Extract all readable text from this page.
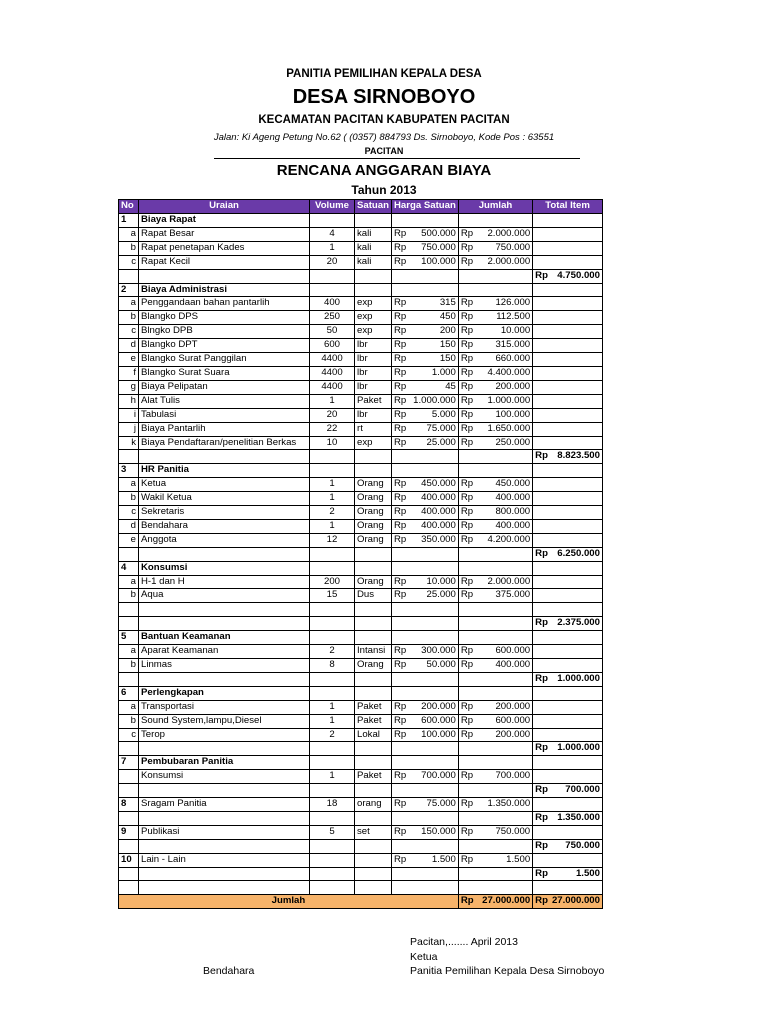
PANITIA PEMILIHAN KEPALA DESA
DESA SIRNOBOYO
KECAMATAN PACITAN KABUPATEN PACITAN
Jalan: Ki Ageng Petung No.62 ( (0357) 884793 Ds. Sirnoboyo, Kode Pos : 63551
PACITAN
RENCANA ANGGARAN BIAYA
Tahun 2013
No	Uraian	Volume	Satuan	Harga Satuan		Jumlah		Total Item	
1	Biaya Rapat								
a	Rapat Besar	4	kali	Rp	500.000	Rp	2.000.000		
b	Rapat penetapan Kades	1	kali	Rp	750.000	Rp	750.000		
c	Rapat Kecil	20	kali	Rp	100.000	Rp	2.000.000		
								Rp	4.750.000
2	Biaya Administrasi								
a	Penggandaan bahan pantarlih	400	exp	Rp	315	Rp	126.000		
b	Blangko DPS	250	exp	Rp	450	Rp	112.500		
c	Blngko DPB	50	exp	Rp	200	Rp	10.000		
d	Blangko DPT	600	lbr	Rp	150	Rp	315.000		
e	Blangko Surat Panggilan	4400	lbr	Rp	150	Rp	660.000		
f	Blangko Surat Suara	4400	lbr	Rp	1.000	Rp	4.400.000		
g	Biaya Pelipatan	4400	lbr	Rp	45	Rp	200.000		
h	Alat Tulis	1	Paket	Rp	1.000.000	Rp	1.000.000		
i	Tabulasi	20	lbr	Rp	5.000	Rp	100.000		
j	Biaya Pantarlih	22	rt	Rp	75.000	Rp	1.650.000		
k	Biaya Pendaftaran/penelitian Berkas	10	exp	Rp	25.000	Rp	250.000		
								Rp	8.823.500
3	HR Panitia								
a	Ketua	1	Orang	Rp	450.000	Rp	450.000		
b	Wakil Ketua	1	Orang	Rp	400.000	Rp	400.000		
c	Sekretaris	2	Orang	Rp	400.000	Rp	800.000		
d	Bendahara	1	Orang	Rp	400.000	Rp	400.000		
e	Anggota	12	Orang	Rp	350.000	Rp	4.200.000		
								Rp	6.250.000
4	Konsumsi								
a	H-1 dan H	200	Orang	Rp	10.000	Rp	2.000.000		
b	Aqua	15	Dus	Rp	25.000	Rp	375.000		

								Rp	2.375.000
5	Bantuan Keamanan								
a	Aparat Keamanan	2	Intansi	Rp	300.000	Rp	600.000		
b	Linmas	8	Orang	Rp	50.000	Rp	400.000		
								Rp	1.000.000
6	Perlengkapan								
a	Transportasi	1	Paket	Rp	200.000	Rp	200.000		
b	Sound System,lampu,Diesel	1	Paket	Rp	600.000	Rp	600.000		
c	Terop	2	Lokal	Rp	100.000	Rp	200.000		
								Rp	1.000.000
7	Pembubaran Panitia								
	Konsumsi	1	Paket	Rp	700.000	Rp	700.000		
								Rp	700.000
8	Sragam Panitia	18	orang	Rp	75.000	Rp	1.350.000		
								Rp	1.350.000
9	Publikasi	5	set	Rp	150.000	Rp	750.000		
								Rp	750.000
10	Lain - Lain			Rp	1.500	Rp	1.500		
								Rp	1.500

Jumlah						Rp	27.000.000	Rp	27.000.000
Pacitan,....... April 2013
Ketua
Panitia Pemilihan Kepala Desa Sirnoboyo
Bendahara
